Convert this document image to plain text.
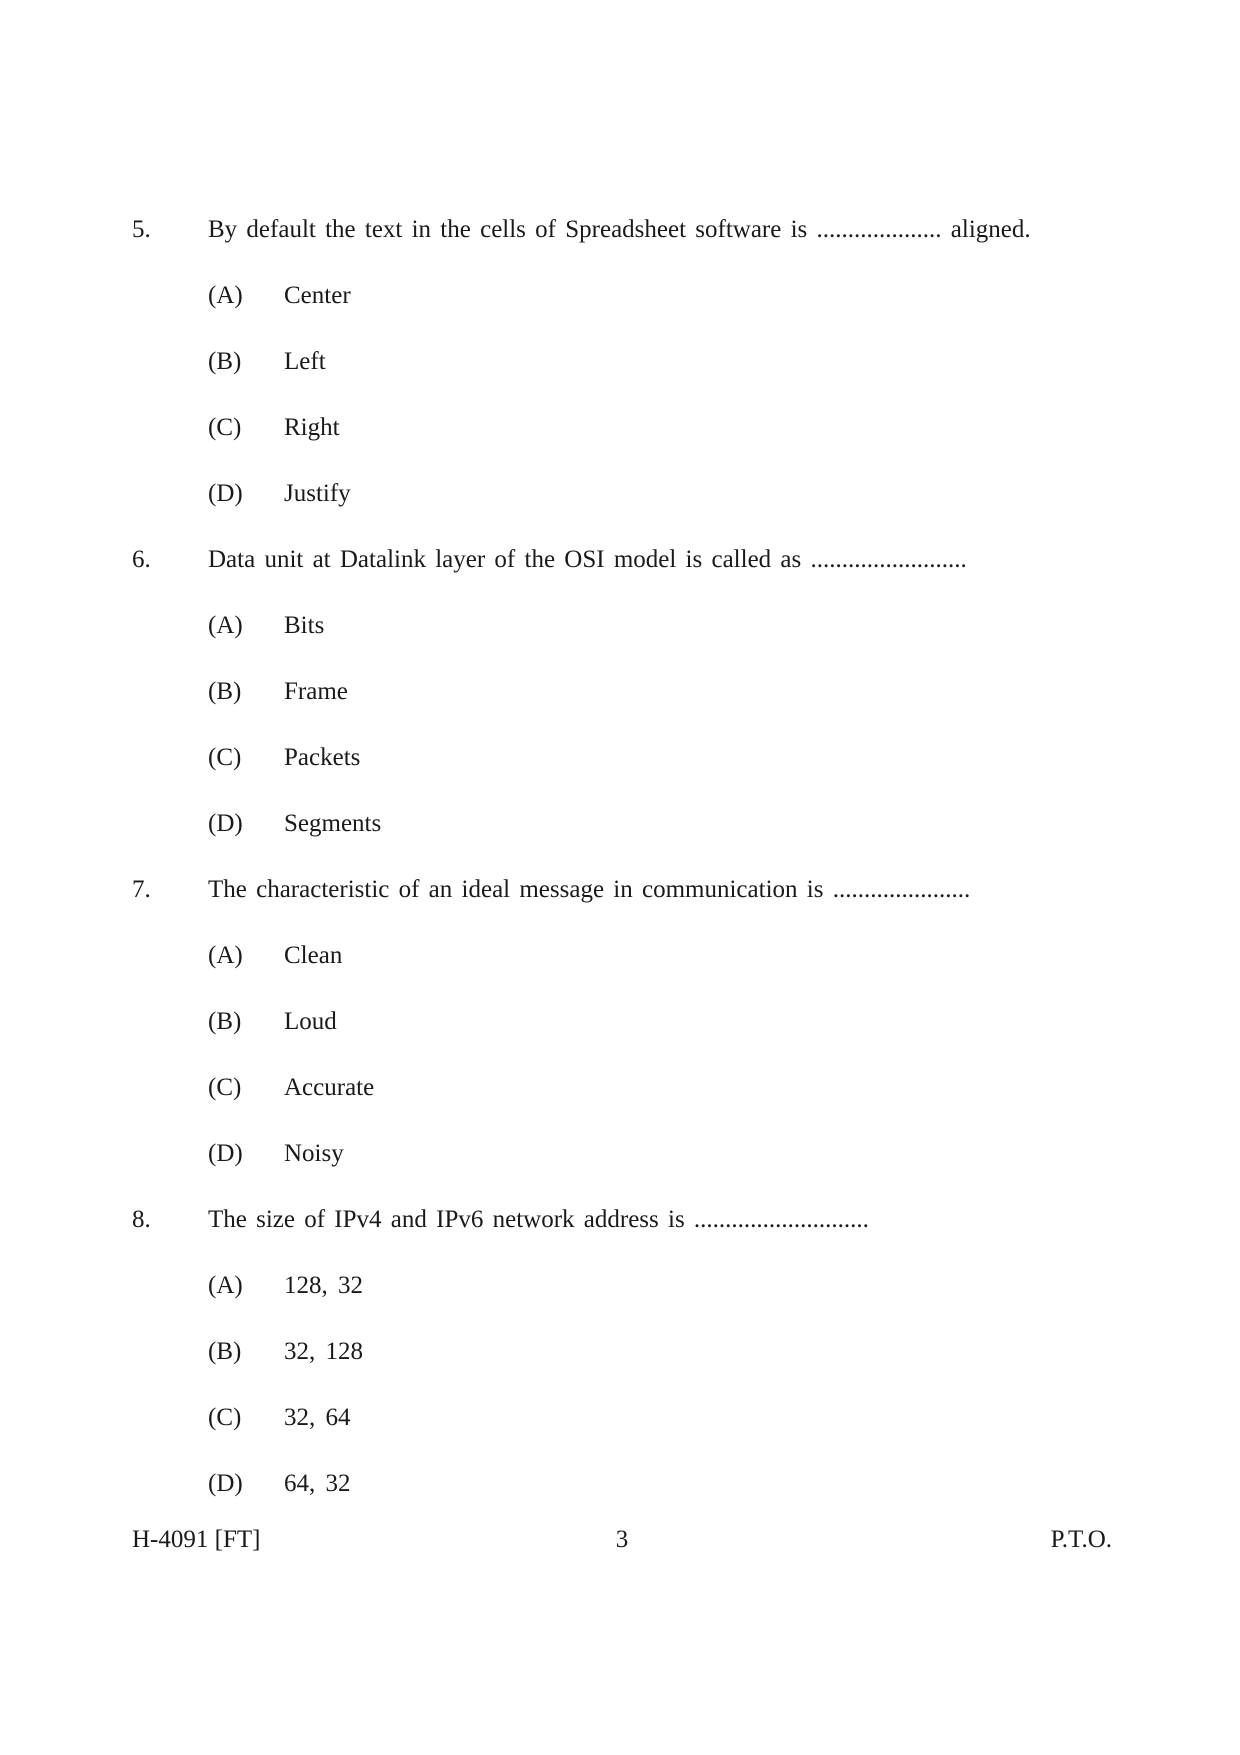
5.	By default the text in the cells of Spreadsheet software is .................... aligned.
(A)	Center
(B)	Left
(C)	Right
(D)	Justify
6.	Data unit at Datalink layer of the OSI model is called as .........................
(A)	Bits
(B)	Frame
(C)	Packets
(D)	Segments
7.	The characteristic of an ideal message in communication is ......................
(A)	Clean
(B)	Loud
(C)	Accurate
(D)	Noisy
8.	The size of IPv4 and IPv6 network address is ............................
(A)	128, 32
(B)	32, 128
(C)	32, 64
(D)	64, 32
H-4091 [FT]	3	P.T.O.
